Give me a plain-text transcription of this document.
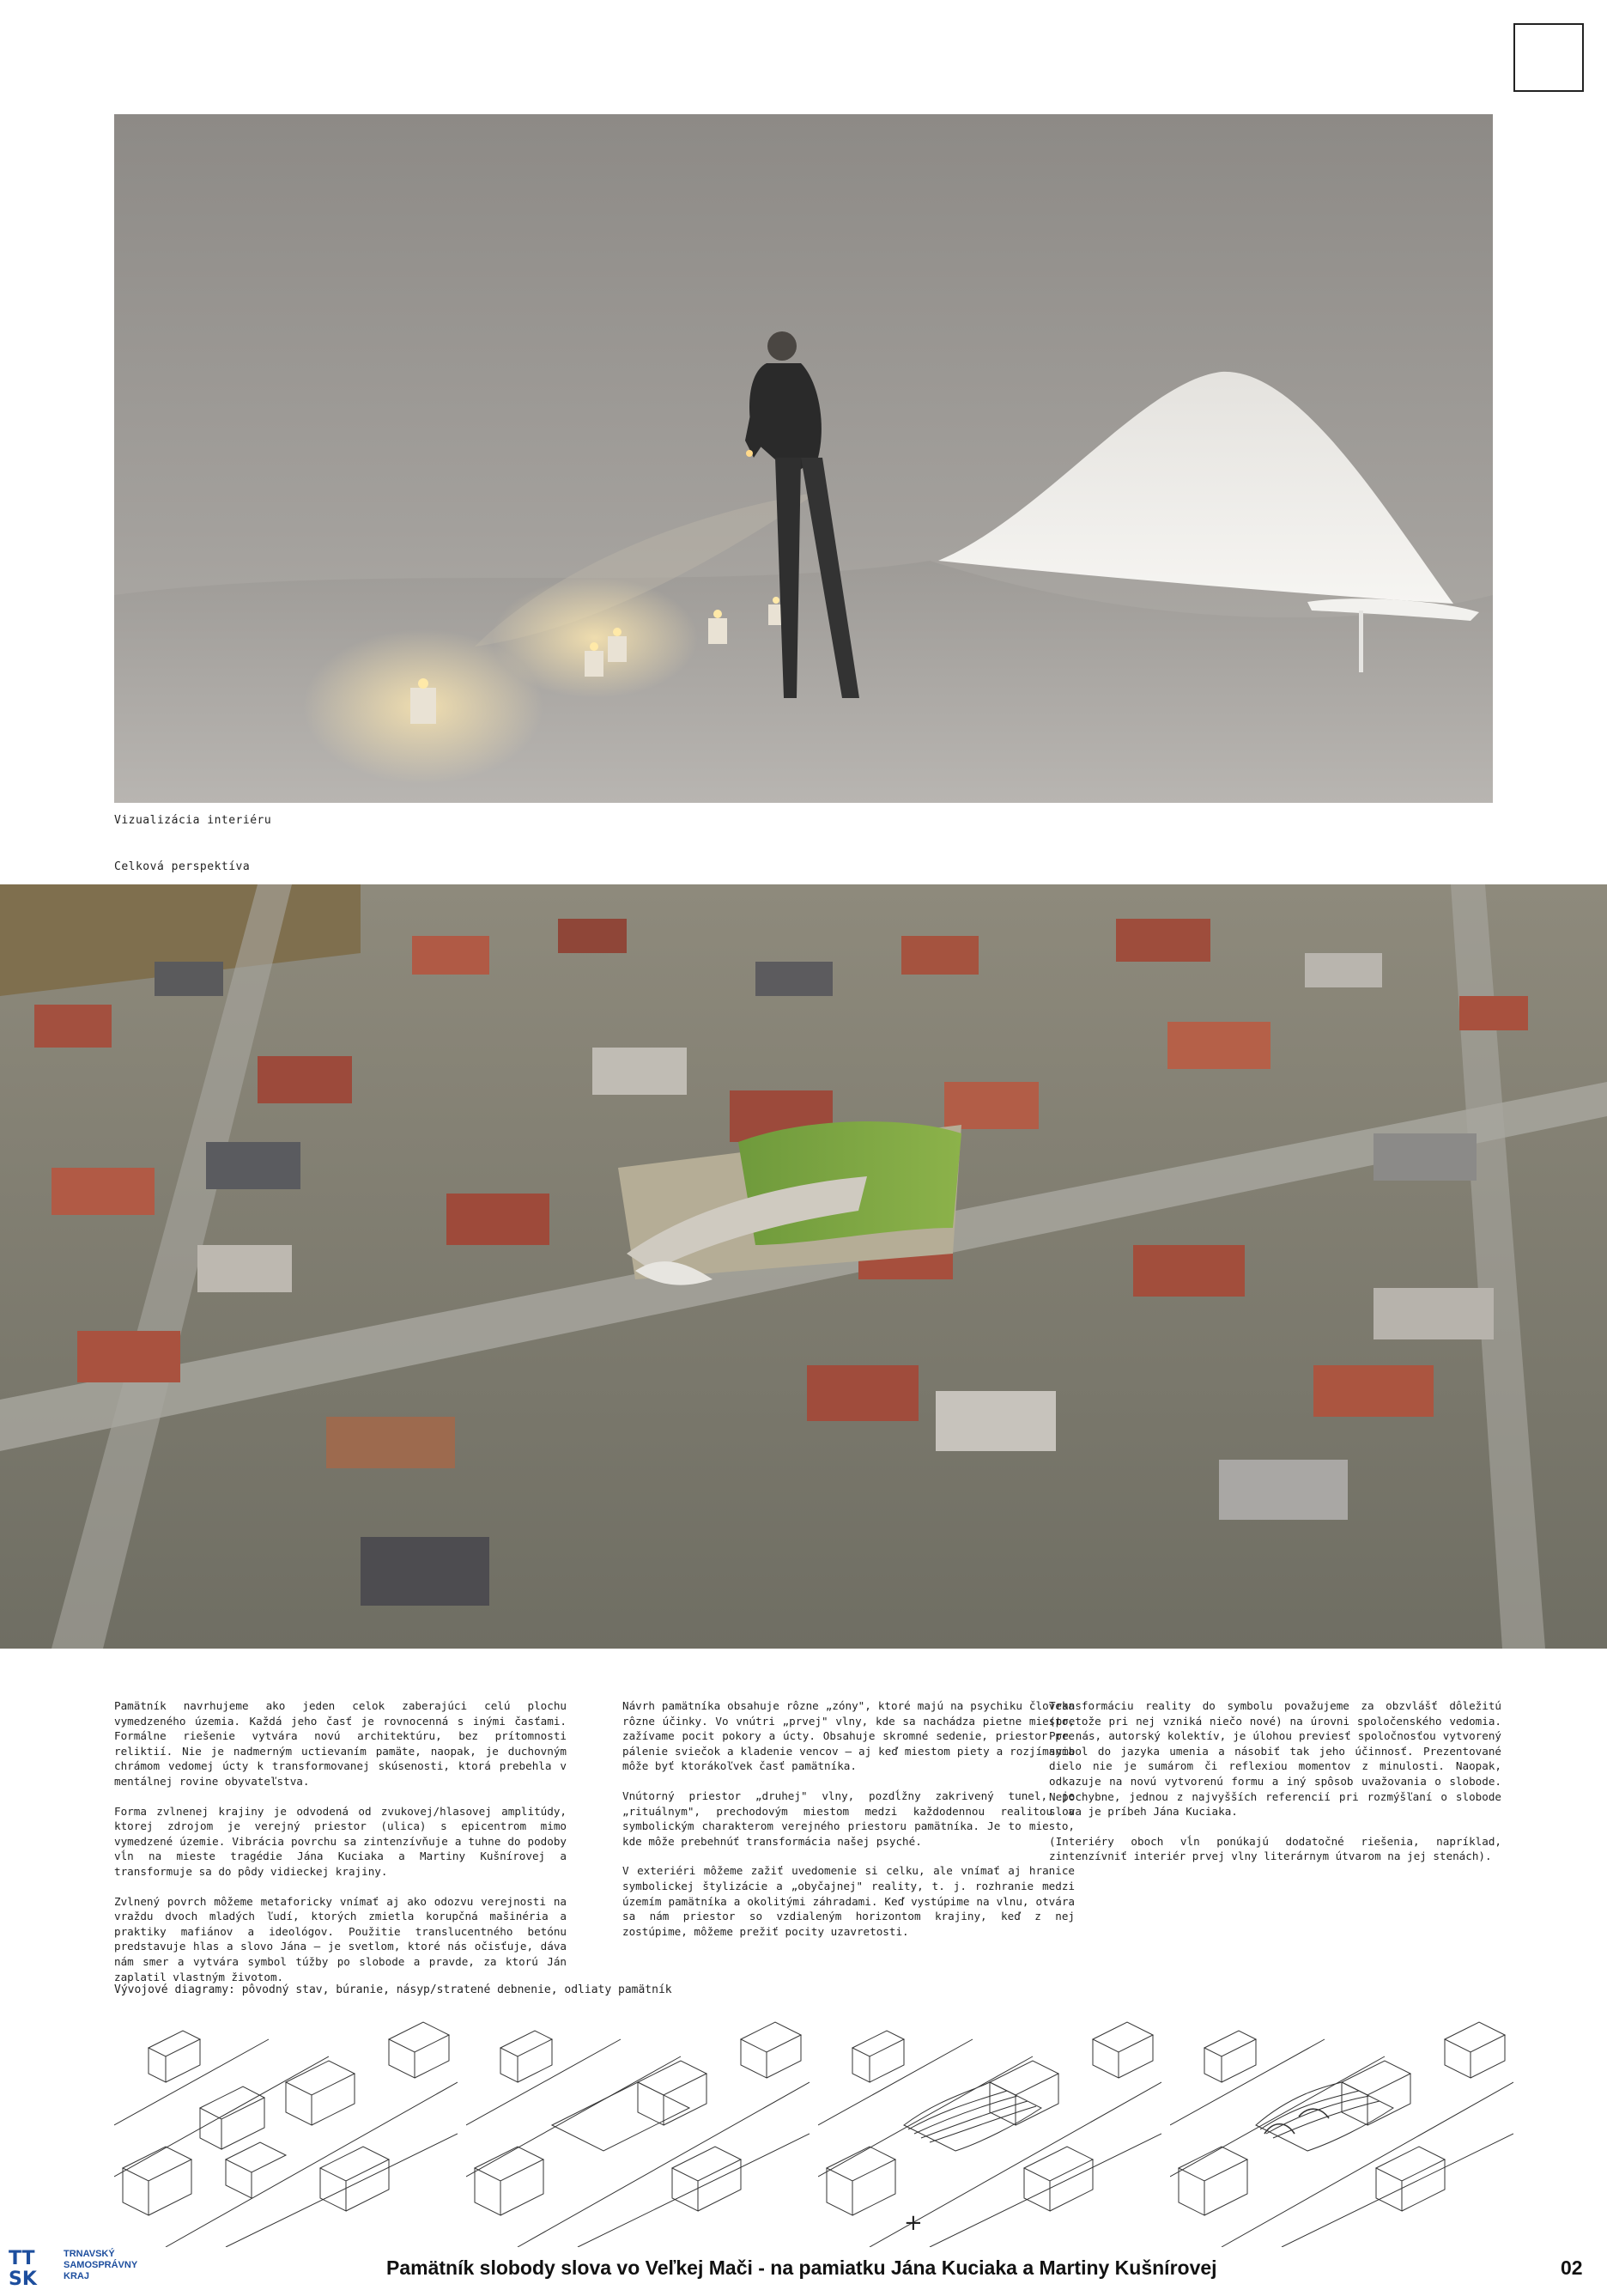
Vizualizácia interiéru
Celková perspektíva

Pamätník navrhujeme ako jeden celok zaberajúci celú plochu vymedzeného územia. Každá jeho časť je rovnocenná s inými časťami. Formálne riešenie vytvára novú architektúru, bez prítomnosti reliktií. Nie je nadmerným uctievaním pamäte, naopak, je duchovným chrámom vedomej úcty k transformovanej skúsenosti, ktorá prebehla v mentálnej rovine obyvateľstva.

Forma zvlnenej krajiny je odvodená od zvukovej/hlasovej amplitúdy, ktorej zdrojom je verejný priestor (ulica) s epicentrom mimo vymedzené územie. Vibrácia povrchu sa zintenzívňuje a tuhne do podoby vĺn na mieste tragédie Jána Kuciaka a Martiny Kušnírovej a transformuje sa do pôdy vidieckej krajiny.

Zvlnený povrch môžeme metaforicky vnímať aj ako odozvu verejnosti na vraždu dvoch mladých ľudí, ktorých zmietla korupčná mašinéria a praktiky mafiánov a ideológov. Použitie translucentného betónu predstavuje hlas a slovo Jána – je svetlom, ktoré nás očisťuje, dáva nám smer a vytvára symbol túžby po slobode a pravde, za ktorú Ján zaplatil vlastným životom.

Návrh pamätníka obsahuje rôzne „zóny", ktoré majú na psychiku človeka rôzne účinky. Vo vnútri „prvej" vlny, kde sa nachádza pietne miesto, zažívame pocit pokory a úcty. Obsahuje skromné sedenie, priestor pre pálenie sviečok a kladenie vencov – aj keď miestom piety a rozjímania môže byť ktorákoľvek časť pamätníka.

Vnútorný priestor „druhej" vlny, pozdĺžny zakrivený tunel, je „rituálnym", prechodovým miestom medzi každodennou realitou a symbolickým charakterom verejného priestoru pamätníka. Je to miesto, kde môže prebehnúť transformácia našej psyché.

V exteriéri môžeme zažiť uvedomenie si celku, ale vnímať aj hranice symbolickej štylizácie a „obyčajnej" reality, t. j. rozhranie medzi územím pamätníka a okolitými záhradami. Keď vystúpime na vlnu, otvára sa nám priestor so vzdialeným horizontom krajiny, keď z nej zostúpime, môžeme prežiť pocity uzavretosti.

Transformáciu reality do symbolu považujeme za obzvlášť dôležitú (pretože pri nej vzniká niečo nové) na úrovni spoločenského vedomia. Pre nás, autorský kolektív, je úlohou previesť spoločnosťou vytvorený symbol do jazyka umenia a násobiť tak jeho účinnosť. Prezentované dielo nie je sumárom či reflexiou momentov z minulosti. Naopak, odkazuje na novú vytvorenú formu a iný spôsob uvažovania o slobode. Nepochybne, jednou z najvyšších referencií pri rozmýšľaní o slobode slova je príbeh Jána Kuciaka.

(Interiéry oboch vĺn ponúkajú dodatočné riešenia, napríklad, zintenzívniť interiér prvej vlny literárnym útvarom na jej stenách).

Vývojové diagramy: pôvodný stav, búranie, násyp/stratené debnenie, odliaty pamätník
+
TT
SK
TRNAVSKÝ
SAMOSPRÁVNY
KRAJ	Pamätník slobody slova vo Veľkej Mači - na pamiatku Jána Kuciaka a Martiny Kušnírovej	02
